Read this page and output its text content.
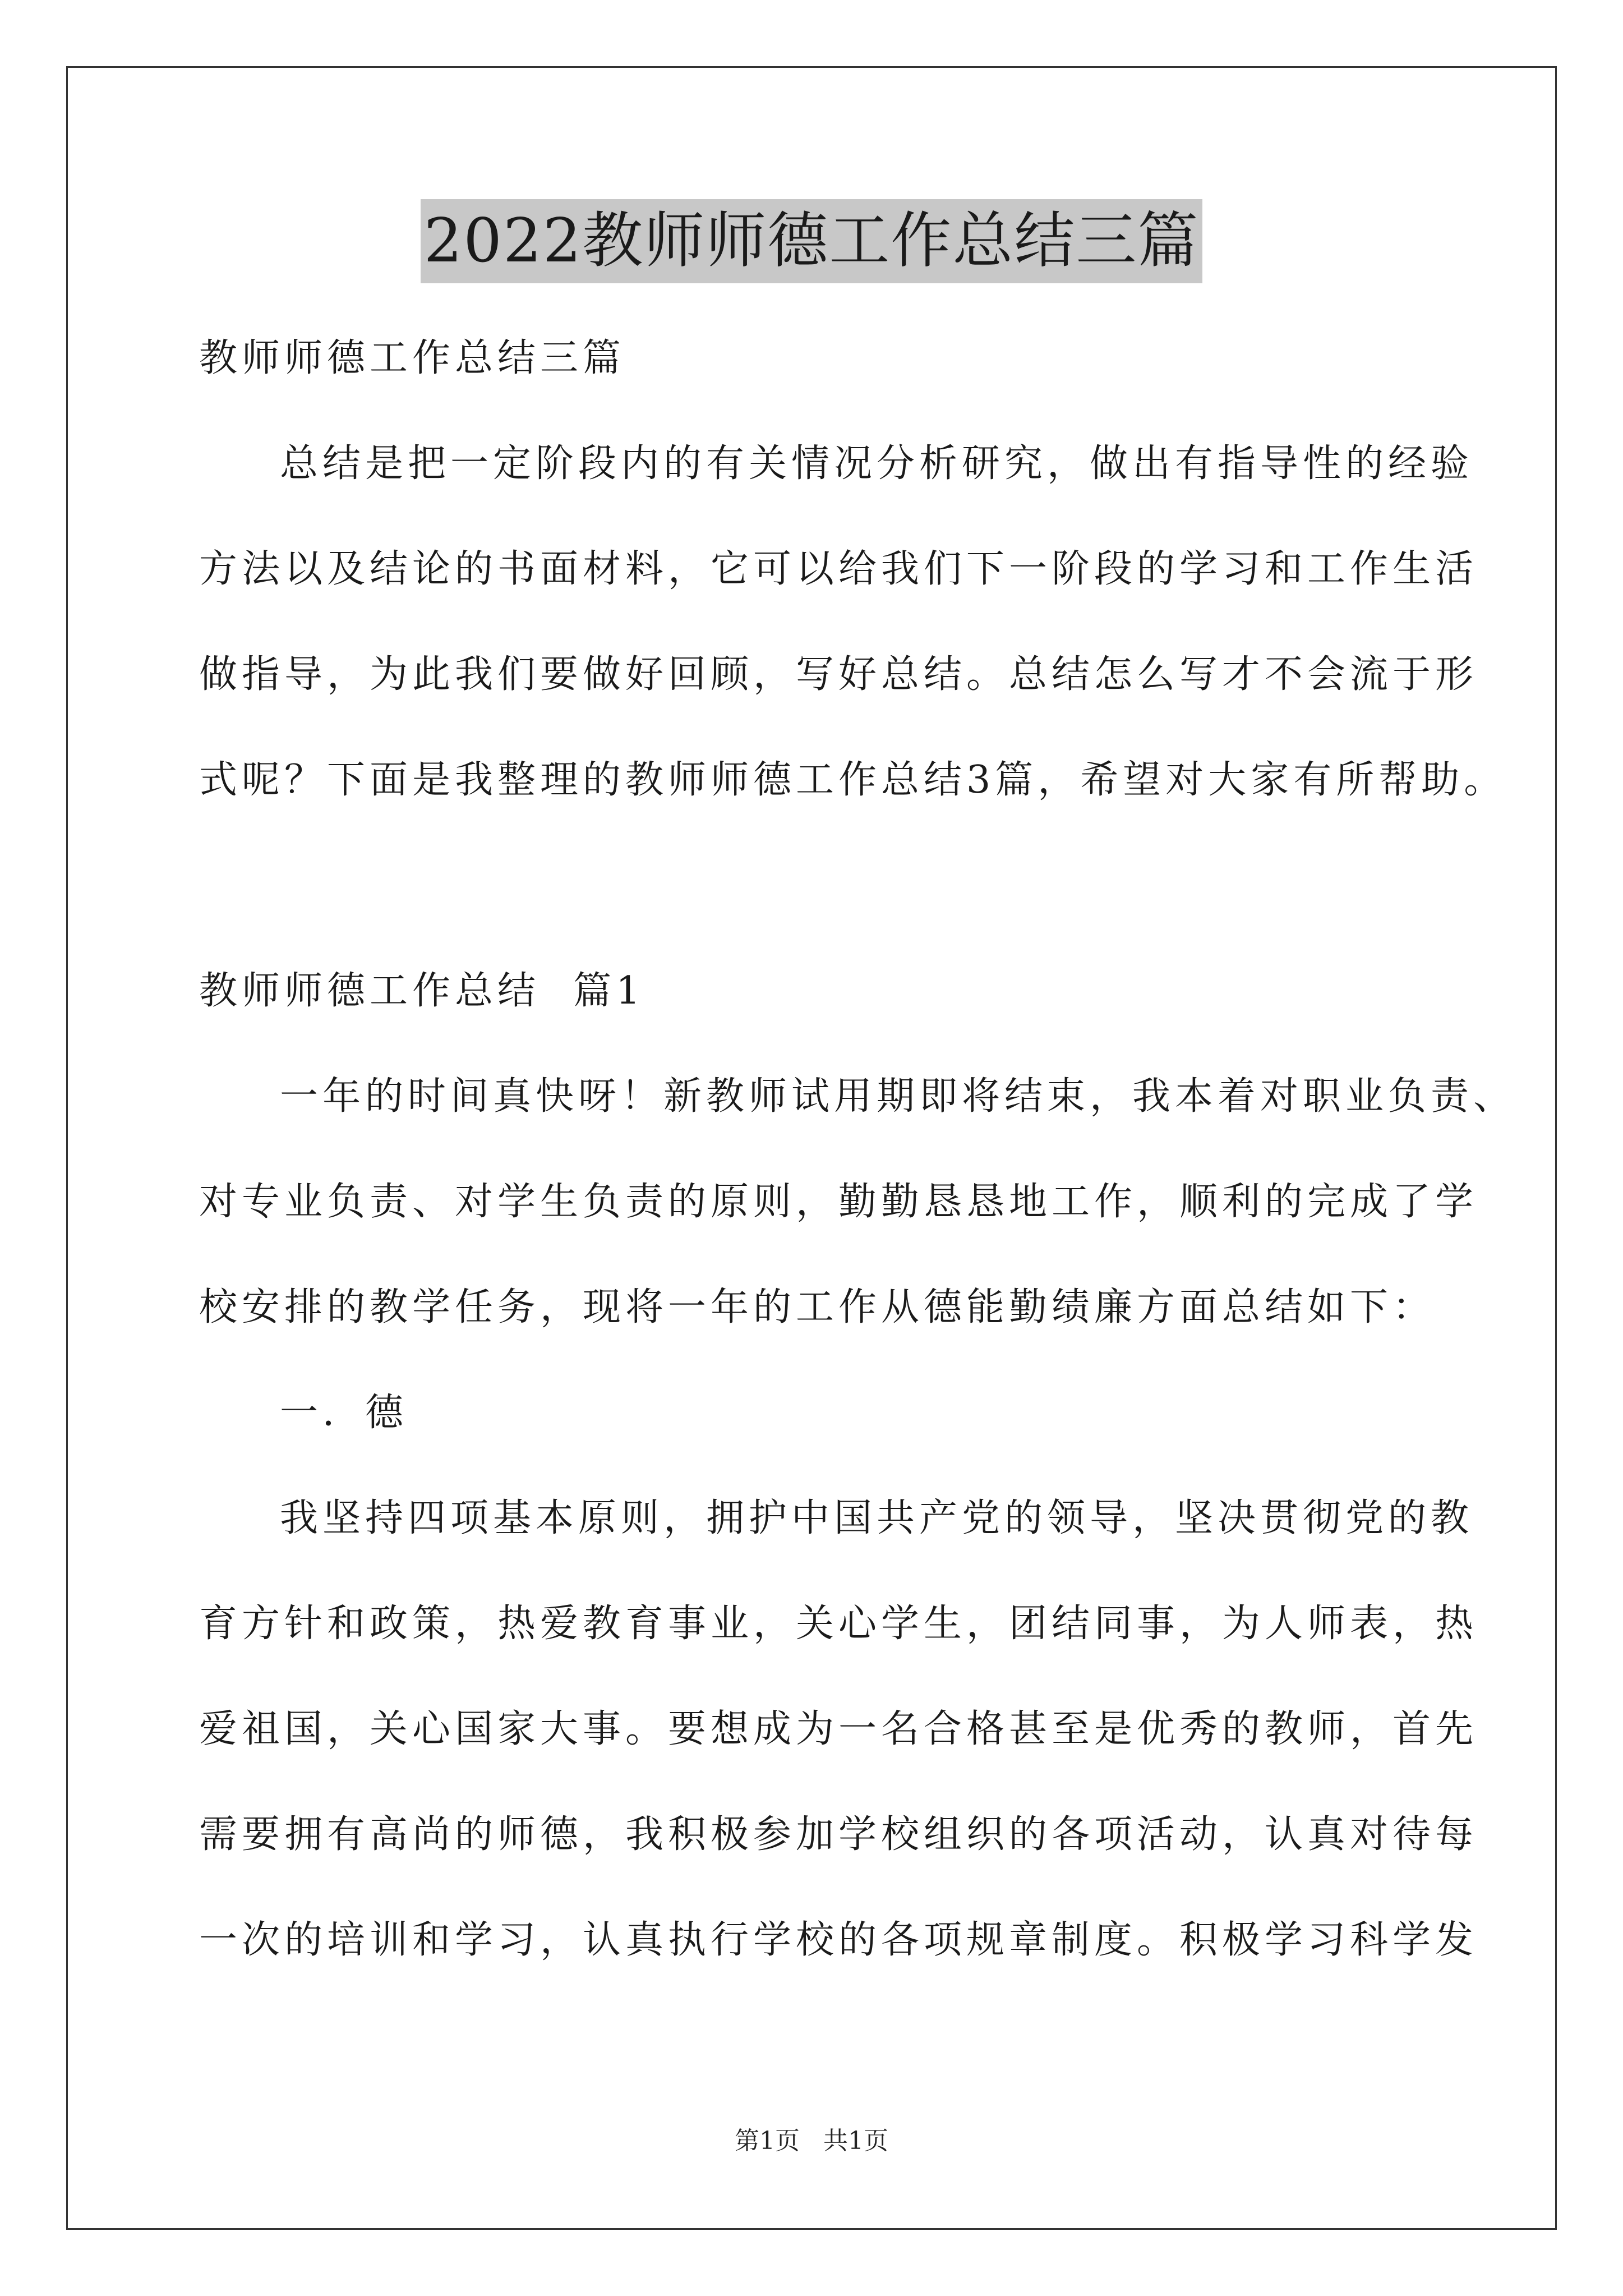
2022教师师德工作总结三篇
教师师德工作总结三篇
总结是把一定阶段内的有关情况分析研究，做出有指导性的经验
方法以及结论的书面材料，它可以给我们下一阶段的学习和工作生活
做指导，为此我们要做好回顾，写好总结。总结怎么写才不会流于形
式呢？下面是我整理的教师师德工作总结3篇，希望对大家有所帮助。
教师师德工作总结  篇1
一年的时间真快呀！新教师试用期即将结束，我本着对职业负责、
对专业负责、对学生负责的原则，勤勤恳恳地工作，顺利的完成了学
校安排的教学任务，现将一年的工作从德能勤绩廉方面总结如下：
一．德
我坚持四项基本原则，拥护中国共产党的领导，坚决贯彻党的教
育方针和政策，热爱教育事业，关心学生，团结同事，为人师表，热
爱祖国，关心国家大事。要想成为一名合格甚至是优秀的教师，首先
需要拥有高尚的师德，我积极参加学校组织的各项活动，认真对待每
一次的培训和学习，认真执行学校的各项规章制度。积极学习科学发
第1页   共1页
